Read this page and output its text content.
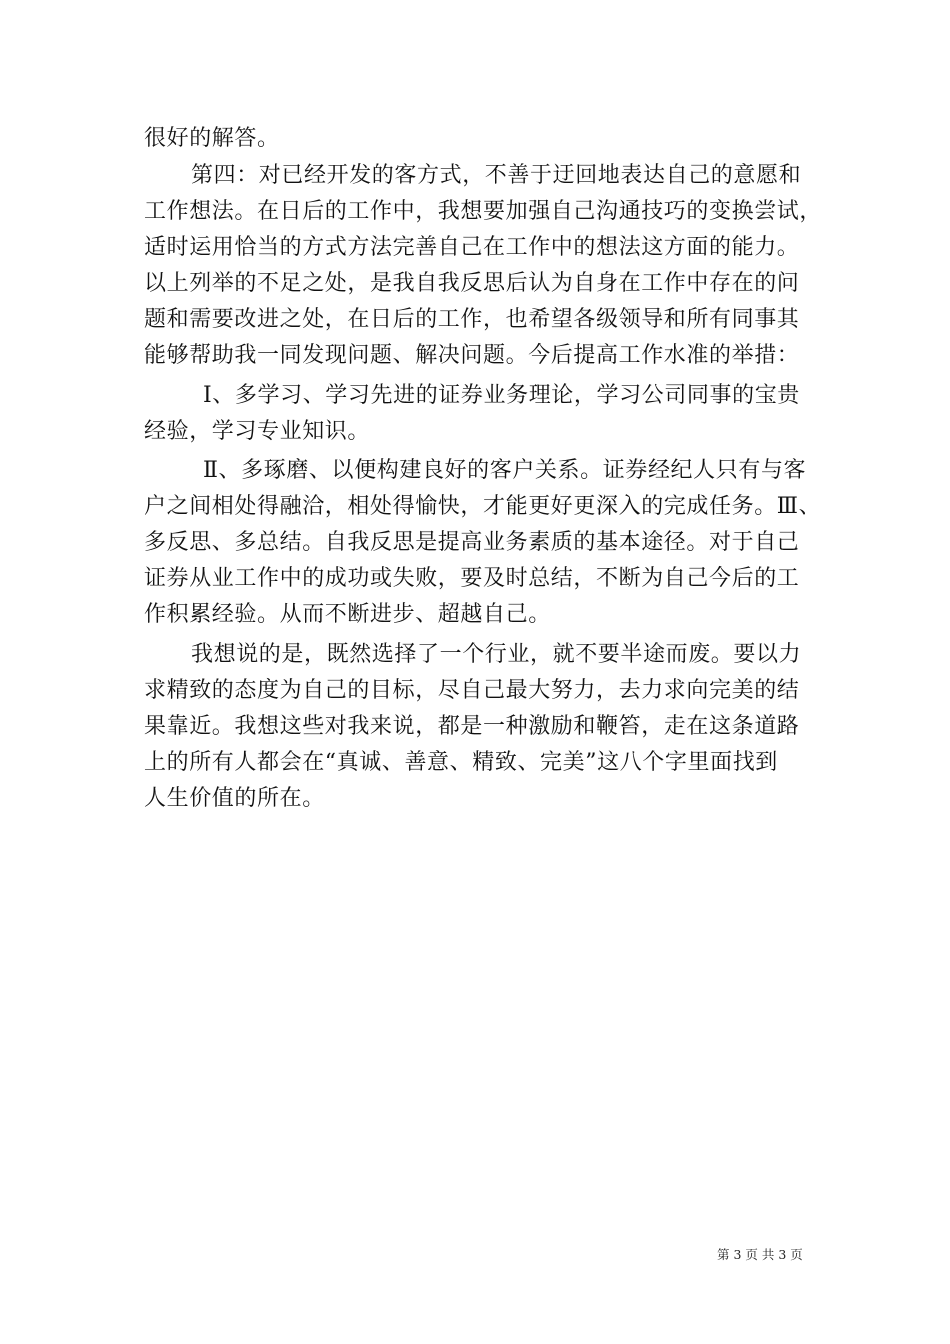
很好的解答。
第四：对已经开发的客方式，不善于迂回地表达自己的意愿和
工作想法。在日后的工作中，我想要加强自己沟通技巧的变换尝试，
适时运用恰当的方式方法完善自己在工作中的想法这方面的能力。
以上列举的不足之处，是我自我反思后认为自身在工作中存在的问
题和需要改进之处，在日后的工作，也希望各级领导和所有同事其
能够帮助我一同发现问题、解决问题。今后提高工作水准的举措：
Ⅰ、多学习、学习先进的证券业务理论，学习公司同事的宝贵
经验，学习专业知识。
Ⅱ、多琢磨、以便构建良好的客户关系。证券经纪人只有与客
户之间相处得融洽，相处得愉快，才能更好更深入的完成任务。Ⅲ、
多反思、多总结。自我反思是提高业务素质的基本途径。对于自己
证券从业工作中的成功或失败，要及时总结，不断为自己今后的工
作积累经验。从而不断进步、超越自己。
我想说的是，既然选择了一个行业，就不要半途而废。要以力
求精致的态度为自己的目标，尽自己最大努力，去力求向完美的结
果靠近。我想这些对我来说，都是一种激励和鞭笞，走在这条道路
上的所有人都会在“真诚、善意、精致、完美”这八个字里面找到
人生价值的所在。
第 3 页 共 3 页
